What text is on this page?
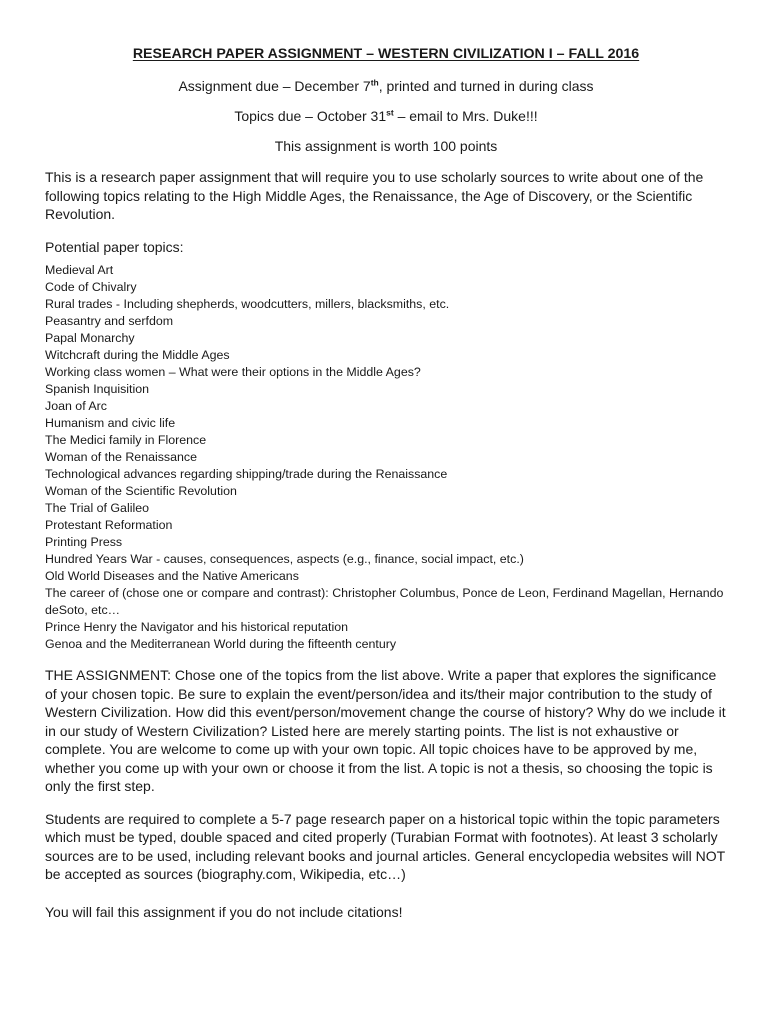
RESEARCH PAPER ASSIGNMENT – WESTERN CIVILIZATION I – FALL 2016

Assignment due – December 7th, printed and turned in during class

Topics due – October 31st – email to Mrs. Duke!!!

This assignment is worth 100 points

This is a research paper assignment that will require you to use scholarly sources to write about one of the following topics relating to the High Middle Ages, the Renaissance, the Age of Discovery, or the Scientific Revolution.

Potential paper topics:

Medieval Art
Code of Chivalry
Rural trades - Including shepherds, woodcutters, millers, blacksmiths, etc.
Peasantry and serfdom
Papal Monarchy
Witchcraft during the Middle Ages
Working class women – What were their options in the Middle Ages?
Spanish Inquisition
Joan of Arc
Humanism and civic life
The Medici family in Florence
Woman of the Renaissance
Technological advances regarding shipping/trade during the Renaissance
Woman of the Scientific Revolution
The Trial of Galileo
Protestant Reformation
Printing Press
Hundred Years War - causes, consequences, aspects (e.g., finance, social impact, etc.)
Old World Diseases and the Native Americans
The career of (chose one or compare and contrast): Christopher Columbus, Ponce de Leon, Ferdinand Magellan, Hernando deSoto, etc…
Prince Henry the Navigator and his historical reputation
Genoa and the Mediterranean World during the fifteenth century

THE ASSIGNMENT: Chose one of the topics from the list above. Write a paper that explores the significance of your chosen topic. Be sure to explain the event/person/idea and its/their major contribution to the study of Western Civilization. How did this event/person/movement change the course of history? Why do we include it in our study of Western Civilization? Listed here are merely starting points. The list is not exhaustive or complete. You are welcome to come up with your own topic. All topic choices have to be approved by me, whether you come up with your own or choose it from the list. A topic is not a thesis, so choosing the topic is only the first step.

Students are required to complete a 5-7 page research paper on a historical topic within the topic parameters which must be typed, double spaced and cited properly (Turabian Format with footnotes). At least 3 scholarly sources are to be used, including relevant books and journal articles. General encyclopedia websites will NOT be accepted as sources (biography.com, Wikipedia, etc…)

You will fail this assignment if you do not include citations!
